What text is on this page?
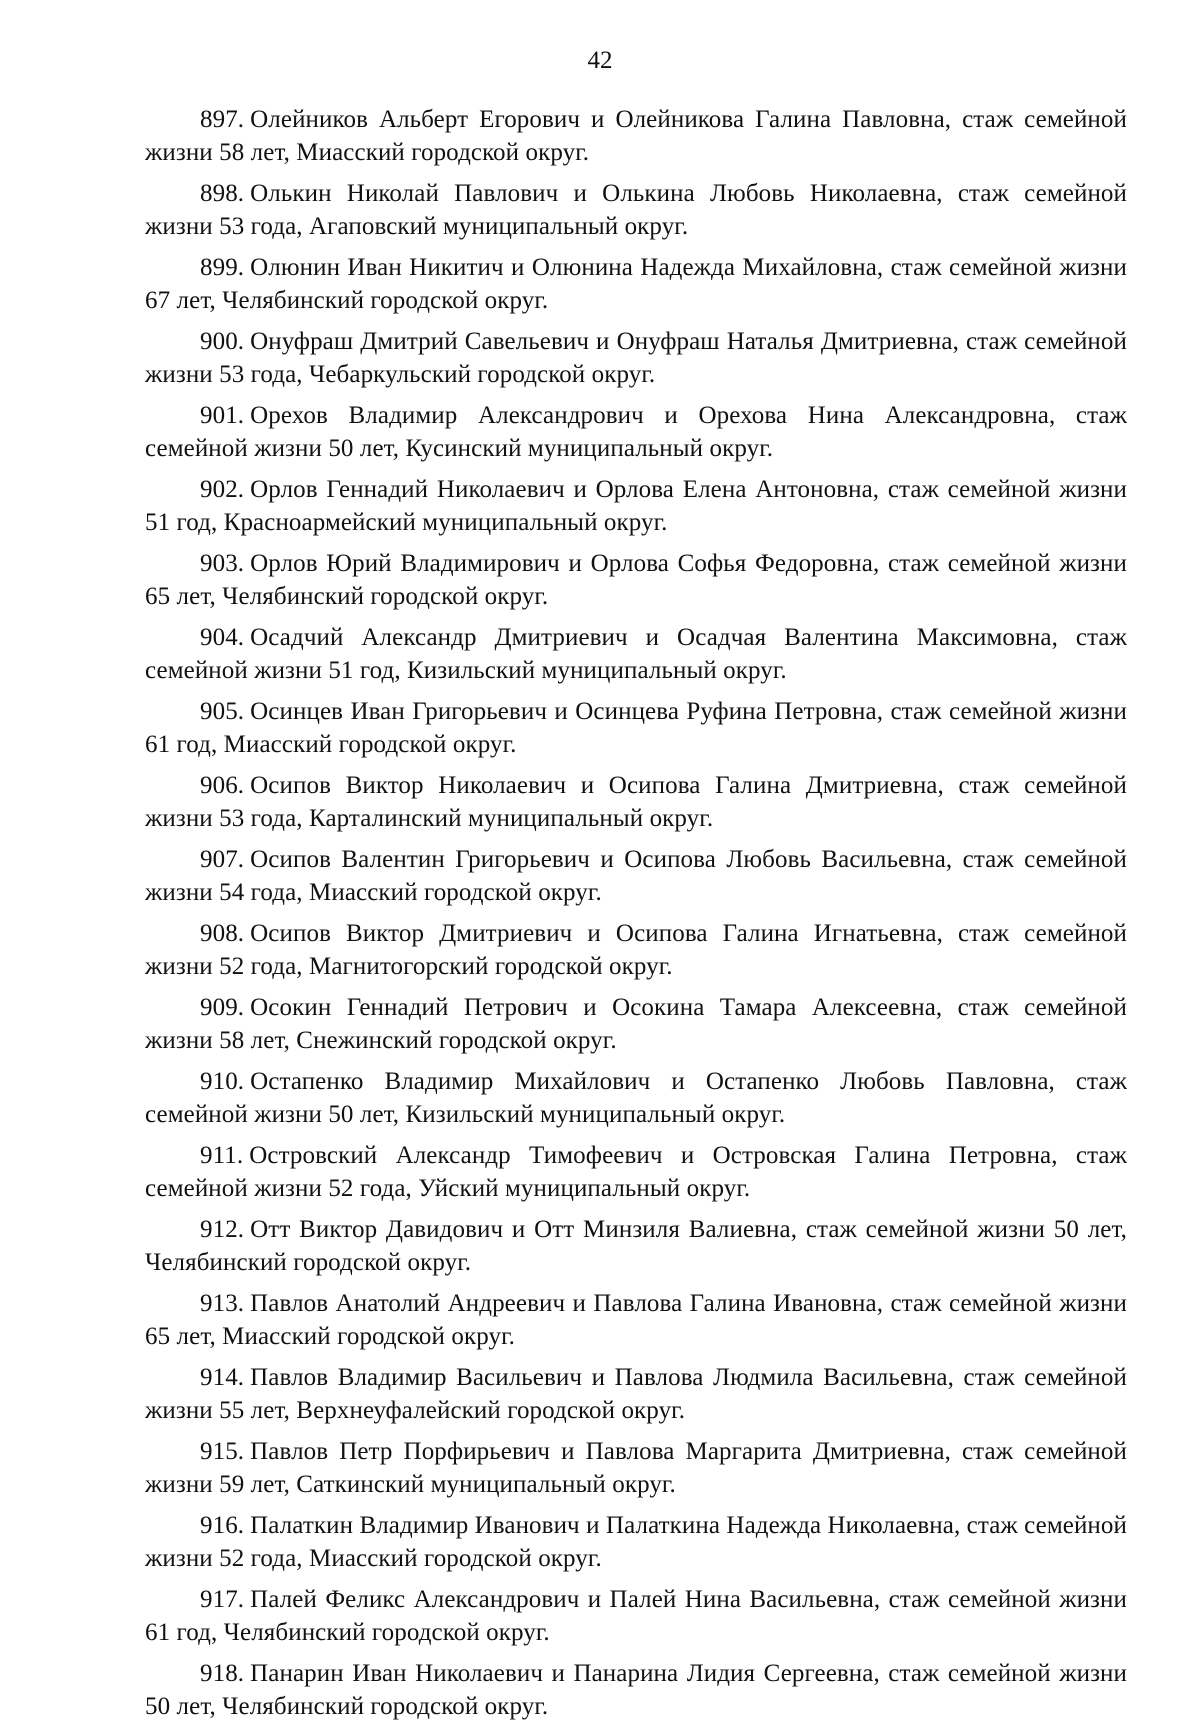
42
897. Олейников Альберт Егорович и Олейникова Галина Павловна, стаж семейной жизни 58 лет, Миасский городской округ.
898. Олькин Николай Павлович и Олькина Любовь Николаевна, стаж семейной жизни 53 года, Агаповский муниципальный округ.
899. Олюнин Иван Никитич и Олюнина Надежда Михайловна, стаж семейной жизни 67 лет, Челябинский городской округ.
900. Онуфраш Дмитрий Савельевич и Онуфраш Наталья Дмитриевна, стаж семейной жизни 53 года, Чебаркульский городской округ.
901. Орехов Владимир Александрович и Орехова Нина Александровна, стаж семейной жизни 50 лет, Кусинский муниципальный округ.
902. Орлов Геннадий Николаевич и Орлова Елена Антоновна, стаж семейной жизни 51 год, Красноармейский муниципальный округ.
903. Орлов Юрий Владимирович и Орлова Софья Федоровна, стаж семейной жизни 65 лет, Челябинский городской округ.
904. Осадчий Александр Дмитриевич и Осадчая Валентина Максимовна, стаж семейной жизни 51 год, Кизильский муниципальный округ.
905. Осинцев Иван Григорьевич и Осинцева Руфина Петровна, стаж семейной жизни 61 год, Миасский городской округ.
906. Осипов Виктор Николаевич и Осипова Галина Дмитриевна, стаж семейной жизни 53 года, Карталинский муниципальный округ.
907. Осипов Валентин Григорьевич и Осипова Любовь Васильевна, стаж семейной жизни 54 года, Миасский городской округ.
908. Осипов Виктор Дмитриевич и Осипова Галина Игнатьевна, стаж семейной жизни 52 года, Магнитогорский городской округ.
909. Осокин Геннадий Петрович и Осокина Тамара Алексеевна, стаж семейной жизни 58 лет, Снежинский городской округ.
910. Остапенко Владимир Михайлович и Остапенко Любовь Павловна, стаж семейной жизни 50 лет, Кизильский муниципальный округ.
911. Островский Александр Тимофеевич и Островская Галина Петровна, стаж семейной жизни 52 года, Уйский муниципальный округ.
912. Отт Виктор Давидович и Отт Минзиля Валиевна, стаж семейной жизни 50 лет, Челябинский городской округ.
913. Павлов Анатолий Андреевич и Павлова Галина Ивановна, стаж семейной жизни 65 лет, Миасский городской округ.
914. Павлов Владимир Васильевич и Павлова Людмила Васильевна, стаж семейной жизни 55 лет, Верхнеуфалейский городской округ.
915. Павлов Петр Порфирьевич и Павлова Маргарита Дмитриевна, стаж семейной жизни 59 лет, Саткинский муниципальный округ.
916. Палаткин Владимир Иванович и Палаткина Надежда Николаевна, стаж семейной жизни 52 года, Миасский городской округ.
917. Палей Феликс Александрович и Палей Нина Васильевна, стаж семейной жизни 61 год, Челябинский городской округ.
918. Панарин Иван Николаевич и Панарина Лидия Сергеевна, стаж семейной жизни 50 лет, Челябинский городской округ.
